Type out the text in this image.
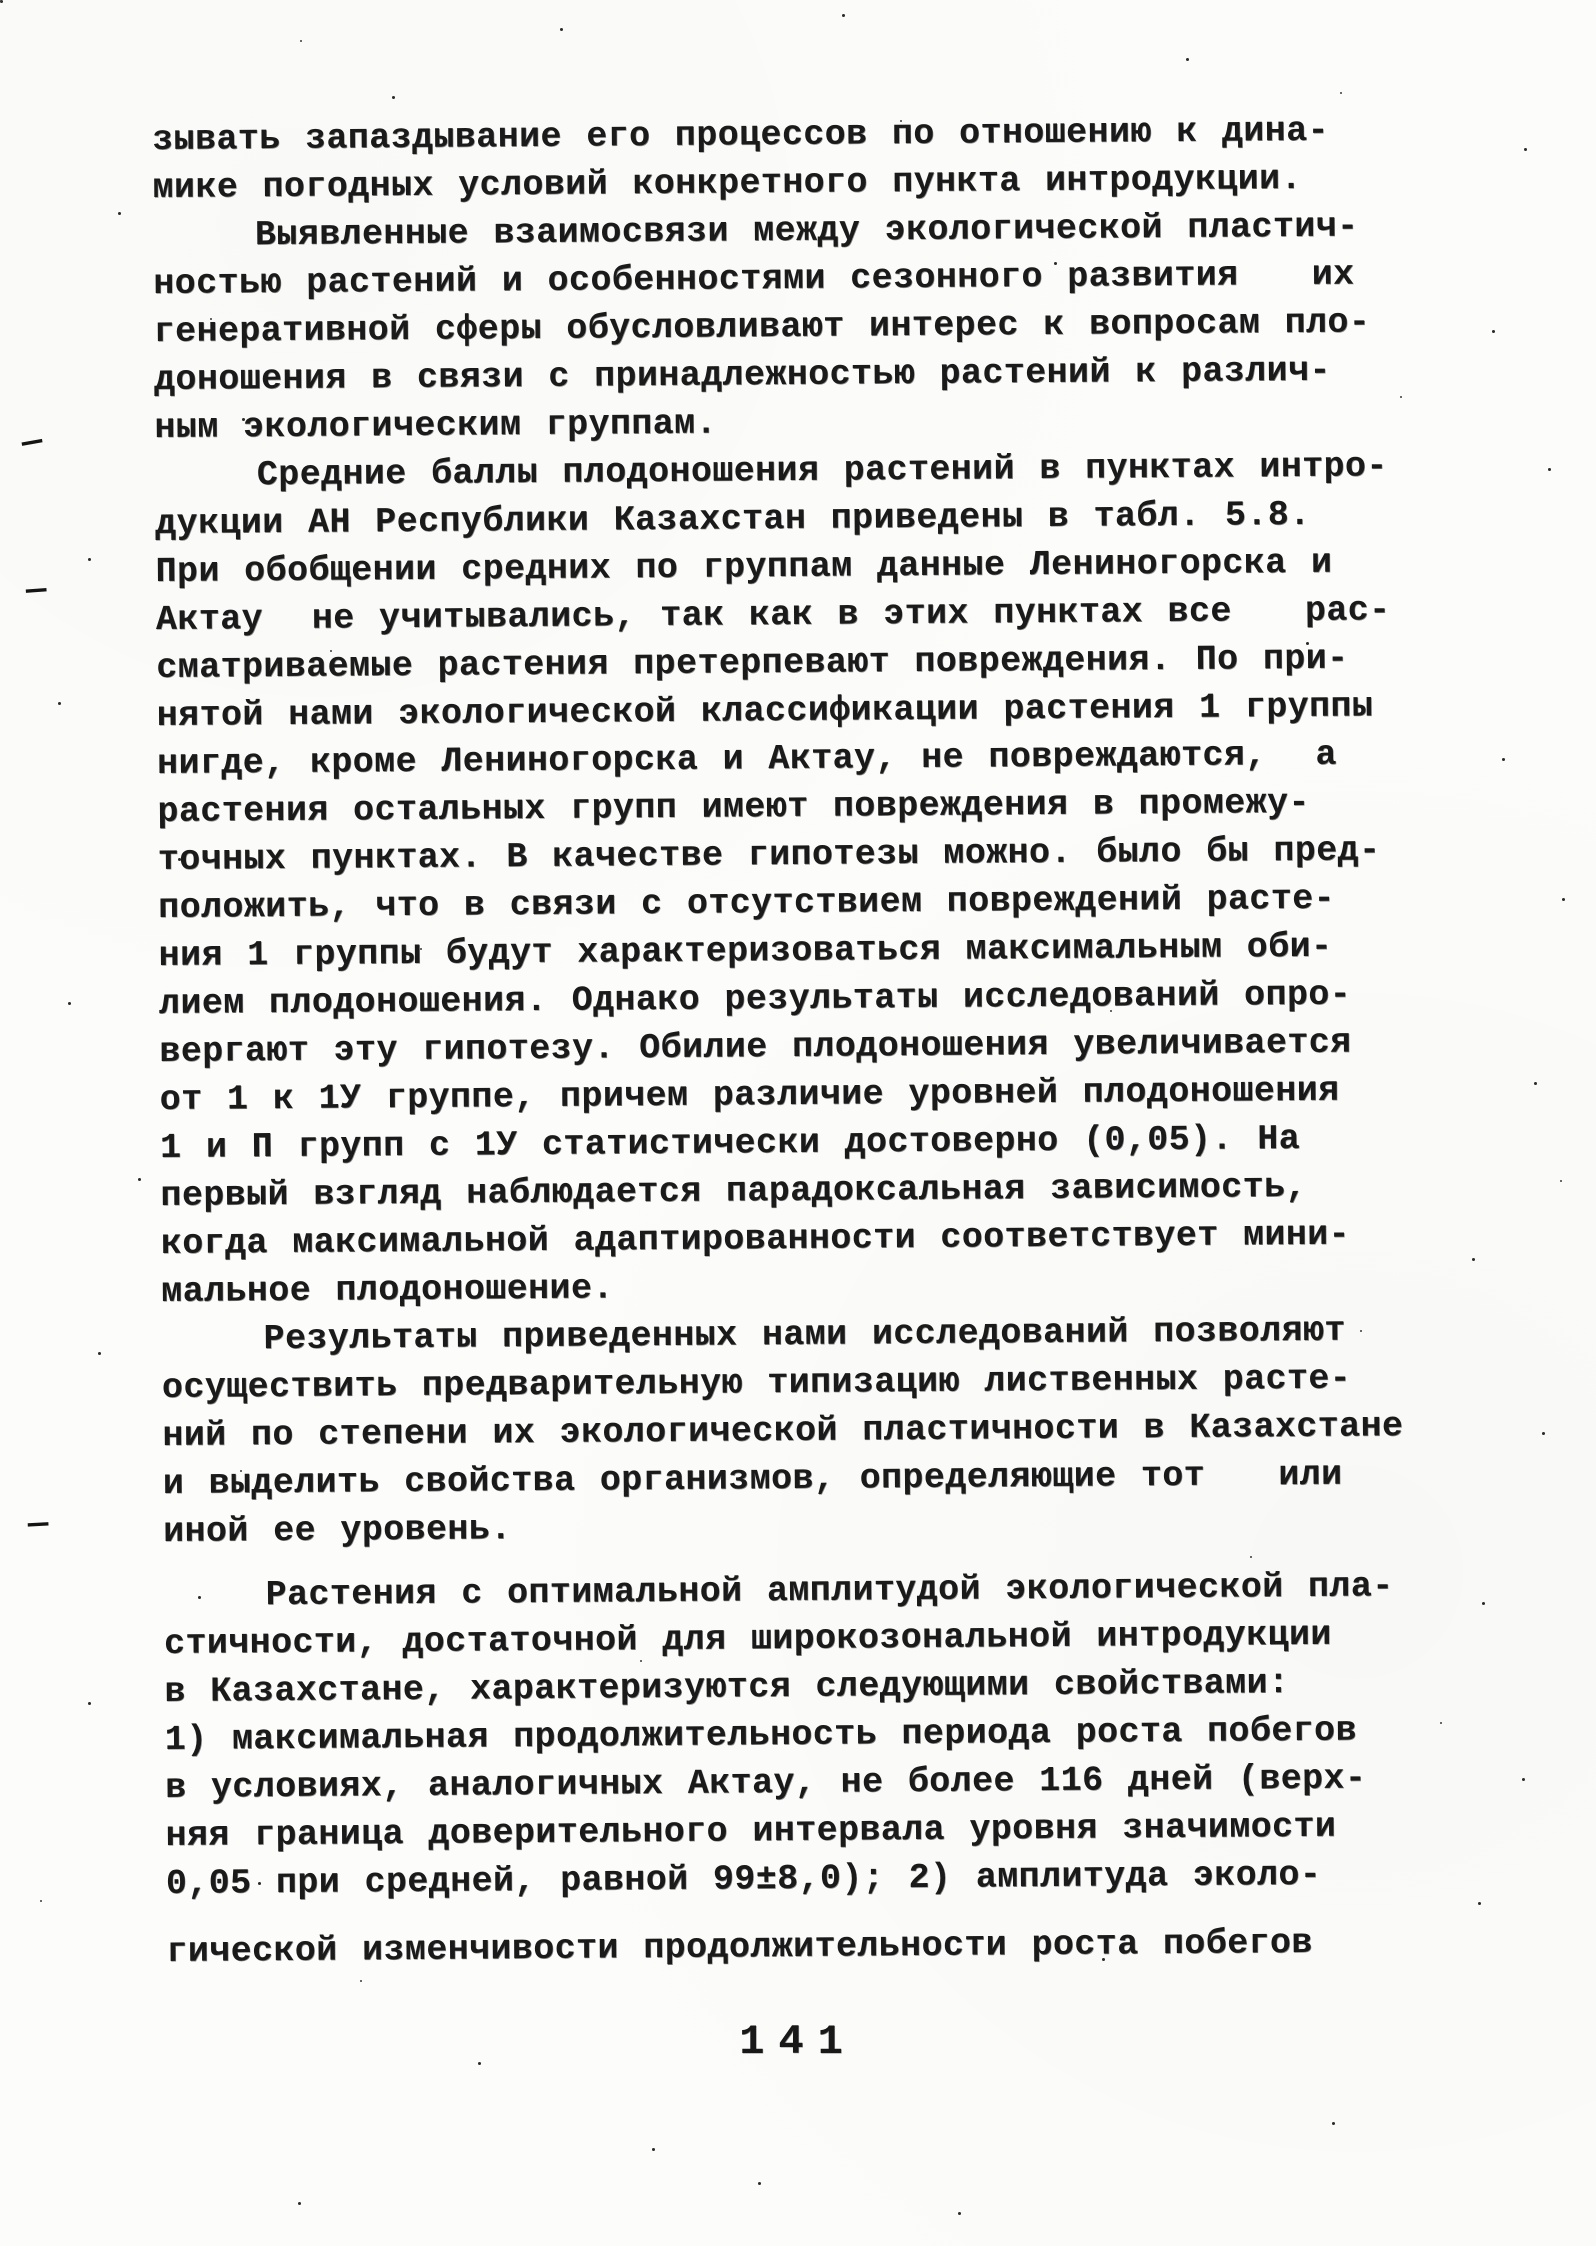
—
—
—
зывать запаздывание его процессов по отношению к дина-
мике погодных условий конкретного пункта интродукции.
Выявленные взаимосвязи между экологической пластич-
ностью растений и особенностями сезонного развития   их
генеративной сферы обусловливают интерес к вопросам пло-
доношения в связи с принадлежностью растений к различ-
ным экологическим группам.
Средние баллы плодоношения растений в пунктах интро-
дукции АН Республики Казахстан приведены в табл. 5.8.
При обобщении средних по группам данные Лениногорска и
Актау  не учитывались, так как в этих пунктах все   рас-
сматриваемые растения претерпевают повреждения. По при-
нятой нами экологической классификации растения 1 группы
нигде, кроме Лениногорска и Актау, не повреждаются,  а
растения остальных групп имеют повреждения в промежу-
точных пунктах. В качестве гипотезы можно. было бы пред-
положить, что в связи с отсутствием повреждений расте-
ния 1 группы будут характеризоваться максимальным оби-
лием плодоношения. Однако результаты исследований опро-
вергают эту гипотезу. Обилие плодоношения увеличивается
от 1 к 1У группе, причем различие уровней плодоношения
1 и П групп с 1У статистически достоверно (0,05). На
первый взгляд наблюдается парадоксальная зависимость,
когда максимальной адаптированности соответствует мини-
мальное плодоношение.
Результаты приведенных нами исследований позволяют
осуществить предварительную типизацию лиственных расте-
ний по степени их экологической пластичности в Казахстане
и выделить свойства организмов, определяющие тот   или
иной ее уровень.
Растения с оптимальной амплитудой экологической пла-
стичности, достаточной для широкозональной интродукции
в Казахстане, характеризуются следующими свойствами:
1) максимальная продолжительность периода роста побегов
в условиях, аналогичных Актау, не более 116 дней (верх-
няя граница доверительного интервала уровня значимости
0,05 при средней, равной 99±8,0); 2) амплитуда эколо-
гической изменчивости продолжительности роста побегов
141
